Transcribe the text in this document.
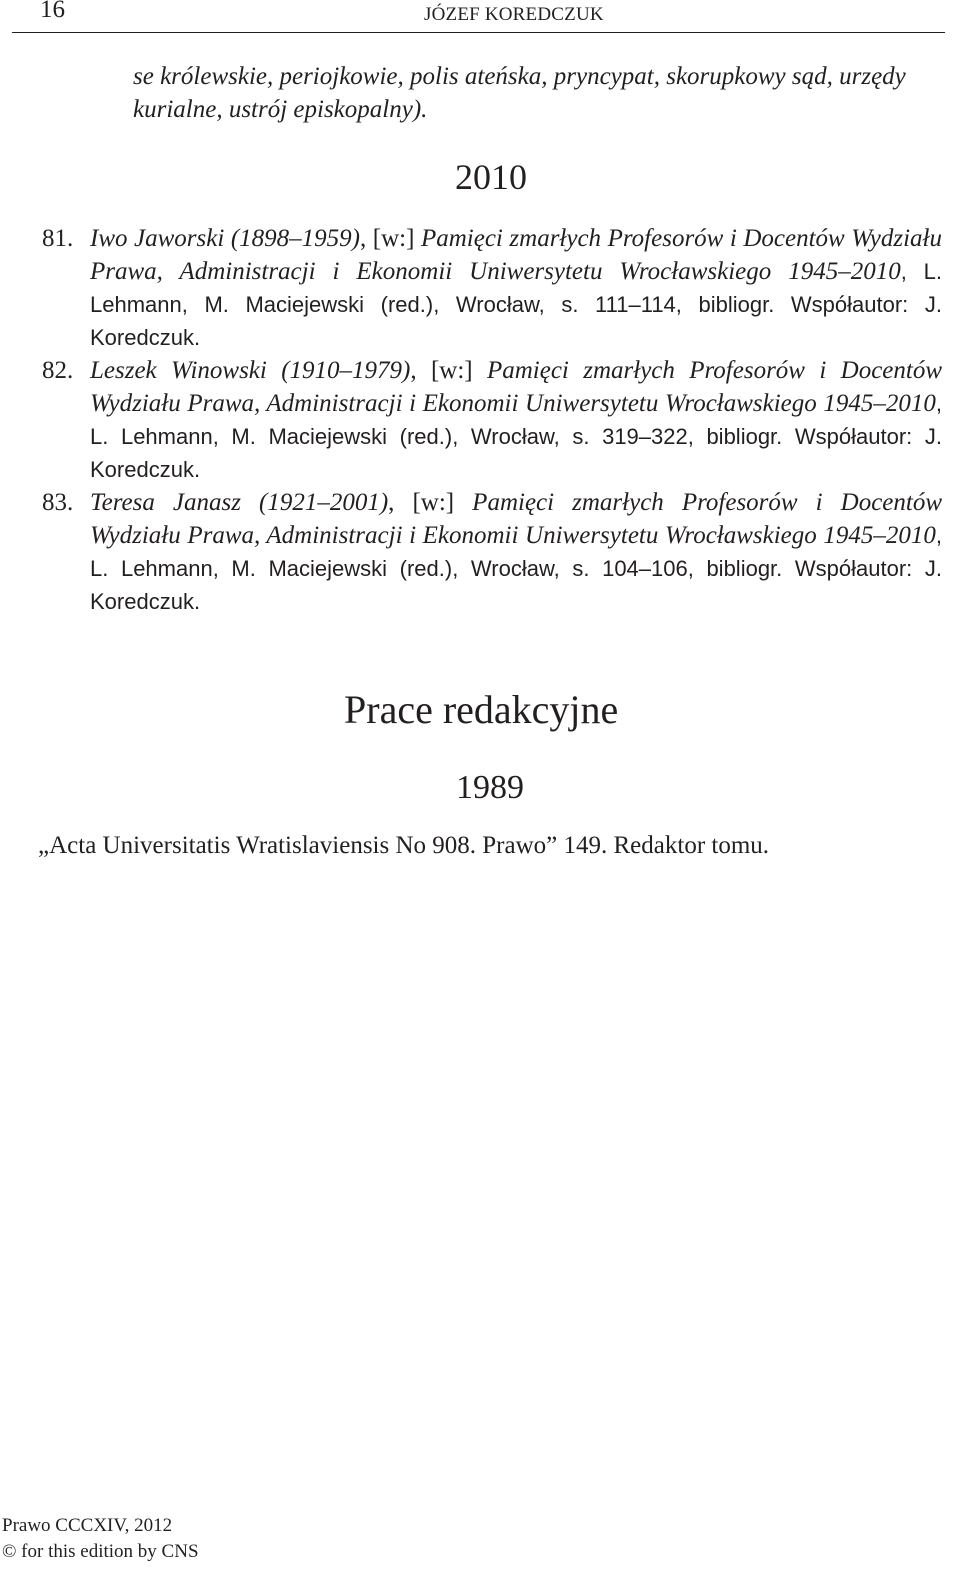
16	JÓZEF KOREDCZUK
se królewskie, periojkowie, polis ateńska, pryncypat, skorupkowy sąd, urzędy kurialne, ustrój episkopalny).
2010
81. Iwo Jaworski (1898–1959), [w:] Pamięci zmarłych Profesorów i Docentów Wydziału Prawa, Administracji i Ekonomii Uniwersytetu Wrocławskiego 1945–2010, L. Lehmann, M. Maciejewski (red.), Wrocław, s. 111–114, bibliogr. Współautor: J. Koredczuk.
82. Leszek Winowski (1910–1979), [w:] Pamięci zmarłych Profesorów i Docentów Wydziału Prawa, Administracji i Ekonomii Uniwersytetu Wrocławskiego 1945–2010, L. Lehmann, M. Maciejewski (red.), Wrocław, s. 319–322, bibliogr. Współautor: J. Koredczuk.
83. Teresa Janasz (1921–2001), [w:] Pamięci zmarłych Profesorów i Docentów Wydziału Prawa, Administracji i Ekonomii Uniwersytetu Wrocławskiego 1945–2010, L. Lehmann, M. Maciejewski (red.), Wrocław, s. 104–106, bibliogr. Współautor: J. Koredczuk.
Prace redakcyjne
1989
„Acta Universitatis Wratislaviensis No 908. Prawo” 149. Redaktor tomu.
Prawo CCCXIV, 2012
© for this edition by CNS
